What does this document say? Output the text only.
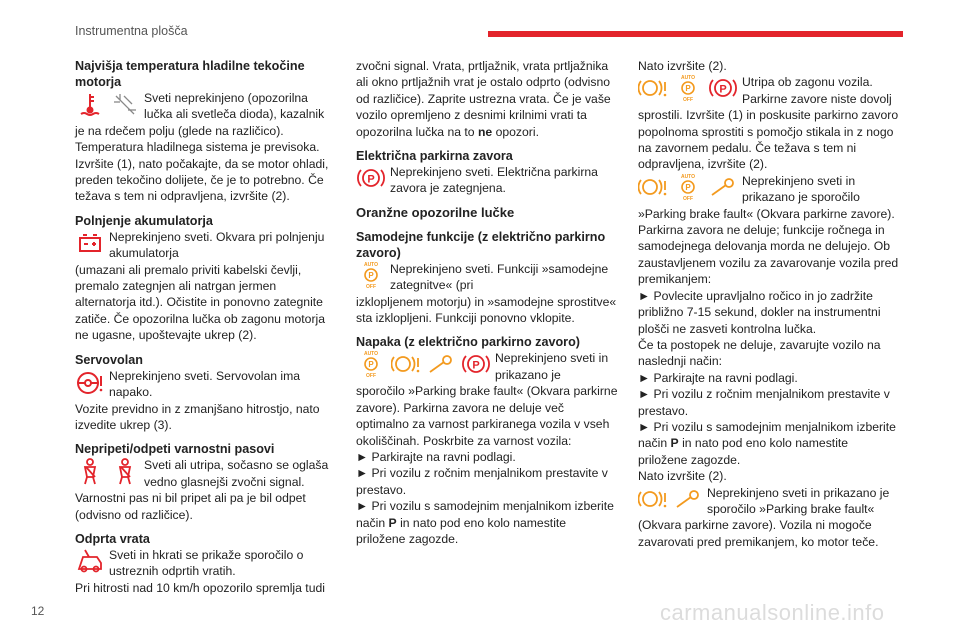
Instrumentna plošča
Najvišja temperatura hladilne tekočine motorja
Sveti neprekinjeno (opozorilna lučka ali svetleča dioda), kazalnik

je na rdečem polju (glede na različico). Temperatura hladilnega sistema je previsoka. Izvršite (1), nato počakajte, da se motor ohladi, preden tekočino dolijete, če je to potrebno. Če težava s tem ni odpravljena, izvršite (2).

Polnjenje akumulatorja
Neprekinjeno sveti. Okvara pri polnjenju akumulatorja

(umazani ali premalo priviti kabelski čevlji, premalo zategnjen ali natrgan jermen alternatorja itd.). Očistite in ponovno zategnite zatiče. Če opozorilna lučka ob zagonu motorja ne ugasne, upoštevajte ukrep (2).

Servovolan
Neprekinjeno sveti. Servovolan ima napako.

Vozite previdno in z zmanjšano hitrostjo, nato izvedite ukrep (3).

Nepripeti/odpeti varnostni pasovi
Sveti ali utripa, sočasno se oglaša vedno glasnejši zvočni signal.

Varnostni pas ni bil pripet ali pa je bil odpet (odvisno od različice).

Odprta vrata
Sveti in hkrati se prikaže sporočilo o ustreznih odprtih vratih.

Pri hitrosti nad 10 km/h opozorilo spremlja tudi

zvočni signal. Vrata, prtljažnik, vrata prtljažnika ali okno prtljažnih vrat je ostalo odprto (odvisno od različice). Zaprite ustrezna vrata. Če je vaše vozilo opremljeno z desnimi krilnimi vrati ta opozorilna lučka na to ne opozori.

Električna parkirna zavora
P
Neprekinjeno sveti. Električna parkirna zavora je zategnjena.
Oranžne opozorilne lučke
Samodejne funkcije (z električno parkirno zavoro)
AUTO
P
OFF
Neprekinjeno sveti. Funkciji »samodejne zategnitve« (pri

izklopljenem motorju) in »samodejne sprostitve« sta izklopljeni. Funkciji ponovno vklopite.

Napaka (z električno parkirno zavoro)
AUTO
P
OFF
P
Neprekinjeno sveti in prikazano je

sporočilo »Parking brake fault« (Okvara parkirne zavore). Parkirna zavora ne deluje več optimalno za varnost parkiranega vozila v vseh okoliščinah. Poskrbite za varnost vozila:

► Parkirajte na ravni podlagi.

► Pri vozilu z ročnim menjalnikom prestavite v prestavo.

► Pri vozilu s samodejnim menjalnikom izberite način P in nato pod eno kolo namestite priložene zagozde.

Nato izvršite (2).

AUTO
P
OFF
P
Utripa ob zagonu vozila. Parkirne zavore niste dovolj

sprostili. Izvršite (1) in poskusite parkirno zavoro popolnoma sprostiti s pomočjo stikala in z nogo na zavornem pedalu. Če težava s tem ni odpravljena, izvršite (2).

AUTO
P
OFF
Neprekinjeno sveti in prikazano je sporočilo

»Parking brake fault« (Okvara parkirne zavore). Parkirna zavora ne deluje; funkcije ročnega in samodejnega delovanja morda ne delujejo. Ob zaustavljenem vozilu za zavarovanje vozila pred premikanjem:

► Povlecite upravljalno ročico in jo zadržite približno 7-15 sekund, dokler na instrumentni plošči ne zasveti kontrolna lučka.

Če ta postopek ne deluje, zavarujte vozilo na naslednji način:

► Parkirajte na ravni podlagi.

► Pri vozilu z ročnim menjalnikom prestavite v prestavo.

► Pri vozilu s samodejnim menjalnikom izberite način P in nato pod eno kolo namestite priložene zagozde.

Nato izvršite (2).

Neprekinjeno sveti in prikazano je sporočilo »Parking brake fault«

(Okvara parkirne zavore). Vozila ni mogoče zavarovati pred premikanjem, ko motor teče.

12	carmanualsonline.info
